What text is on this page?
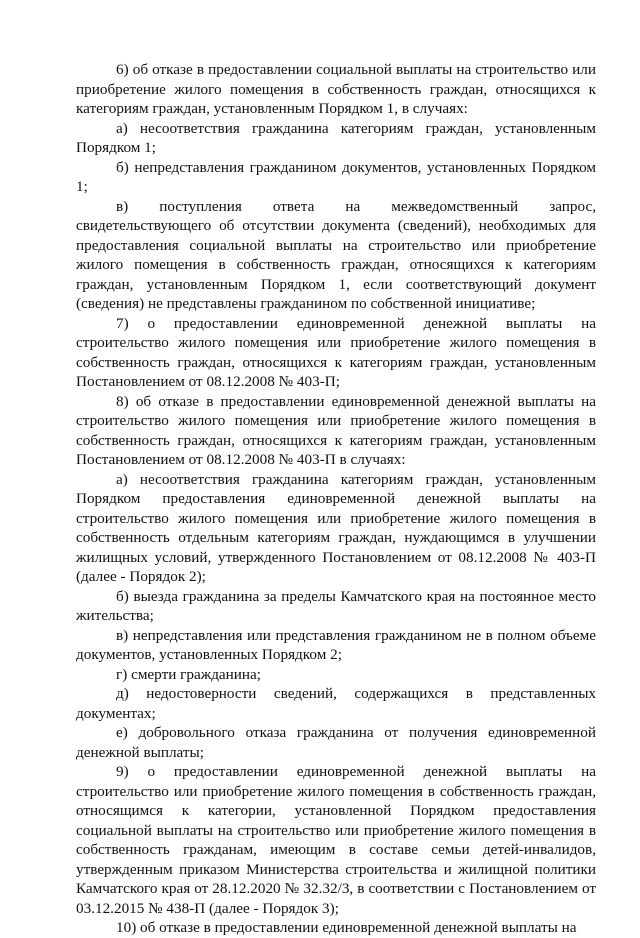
6) об отказе в предоставлении социальной выплаты на строительство или приобретение жилого помещения в собственность граждан, относящихся к категориям граждан, установленным Порядком 1, в случаях:

а) несоответствия гражданина категориям граждан, установленным Порядком 1;

б) непредставления гражданином документов, установленных Порядком 1;

в) поступления ответа на межведомственный запрос, свидетельствующего об отсутствии документа (сведений), необходимых для предоставления социальной выплаты на строительство или приобретение жилого помещения в собственность граждан, относящихся к категориям граждан, установленным Порядком 1, если соответствующий документ (сведения) не представлены гражданином по собственной инициативе;

7) о предоставлении единовременной денежной выплаты на строительство жилого помещения или приобретение жилого помещения в собственность граждан, относящихся к категориям граждан, установленным Постановлением от 08.12.2008 № 403-П;

8) об отказе в предоставлении единовременной денежной выплаты на строительство жилого помещения или приобретение жилого помещения в собственность граждан, относящихся к категориям граждан, установленным Постановлением от 08.12.2008 № 403-П в случаях:

а) несоответствия гражданина категориям граждан, установленным Порядком предоставления единовременной денежной выплаты на строительство жилого помещения или приобретение жилого помещения в собственность отдельным категориям граждан, нуждающимся в улучшении жилищных условий, утвержденного Постановлением от 08.12.2008 № 403-П (далее - Порядок 2);

б) выезда гражданина за пределы Камчатского края на постоянное место жительства;

в) непредставления или представления гражданином не в полном объеме документов, установленных Порядком 2;

г) смерти гражданина;

д) недостоверности сведений, содержащихся в представленных документах;

е) добровольного отказа гражданина от получения единовременной денежной выплаты;

9) о предоставлении единовременной денежной выплаты на строительство или приобретение жилого помещения в собственность граждан, относящимся к категории, установленной Порядком предоставления социальной выплаты на строительство или приобретение жилого помещения в собственность гражданам, имеющим в составе семьи детей-инвалидов, утвержденным приказом Министерства строительства и жилищной политики Камчатского края от 28.12.2020 № 32.32/3, в соответствии с Постановлением от 03.12.2015 № 438-П (далее - Порядок 3);

10) об отказе в предоставлении единовременной денежной выплаты на
